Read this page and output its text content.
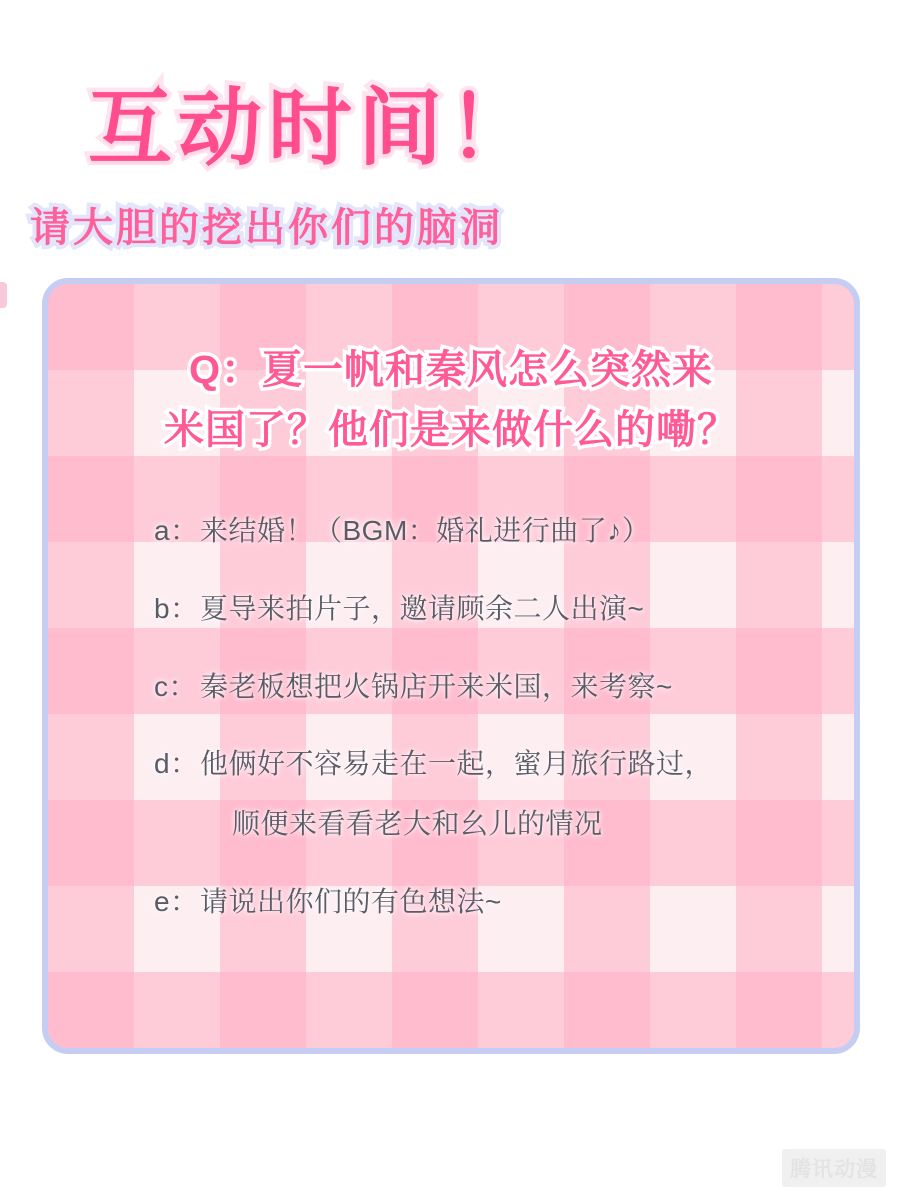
互动时间！
请大胆的挖出你们的脑洞
Q：夏一帆和秦风怎么突然来
米国了？他们是来做什么的嘞？
a： 来结婚！（BGM：婚礼进行曲了♪）
b： 夏导来拍片子，邀请顾余二人出演~
c： 秦老板想把火锅店开来米国，来考察~
d： 他俩好不容易走在一起，蜜月旅行路过，
顺便来看看老大和幺儿的情况
e： 请说出你们的有色想法~
腾讯动漫
